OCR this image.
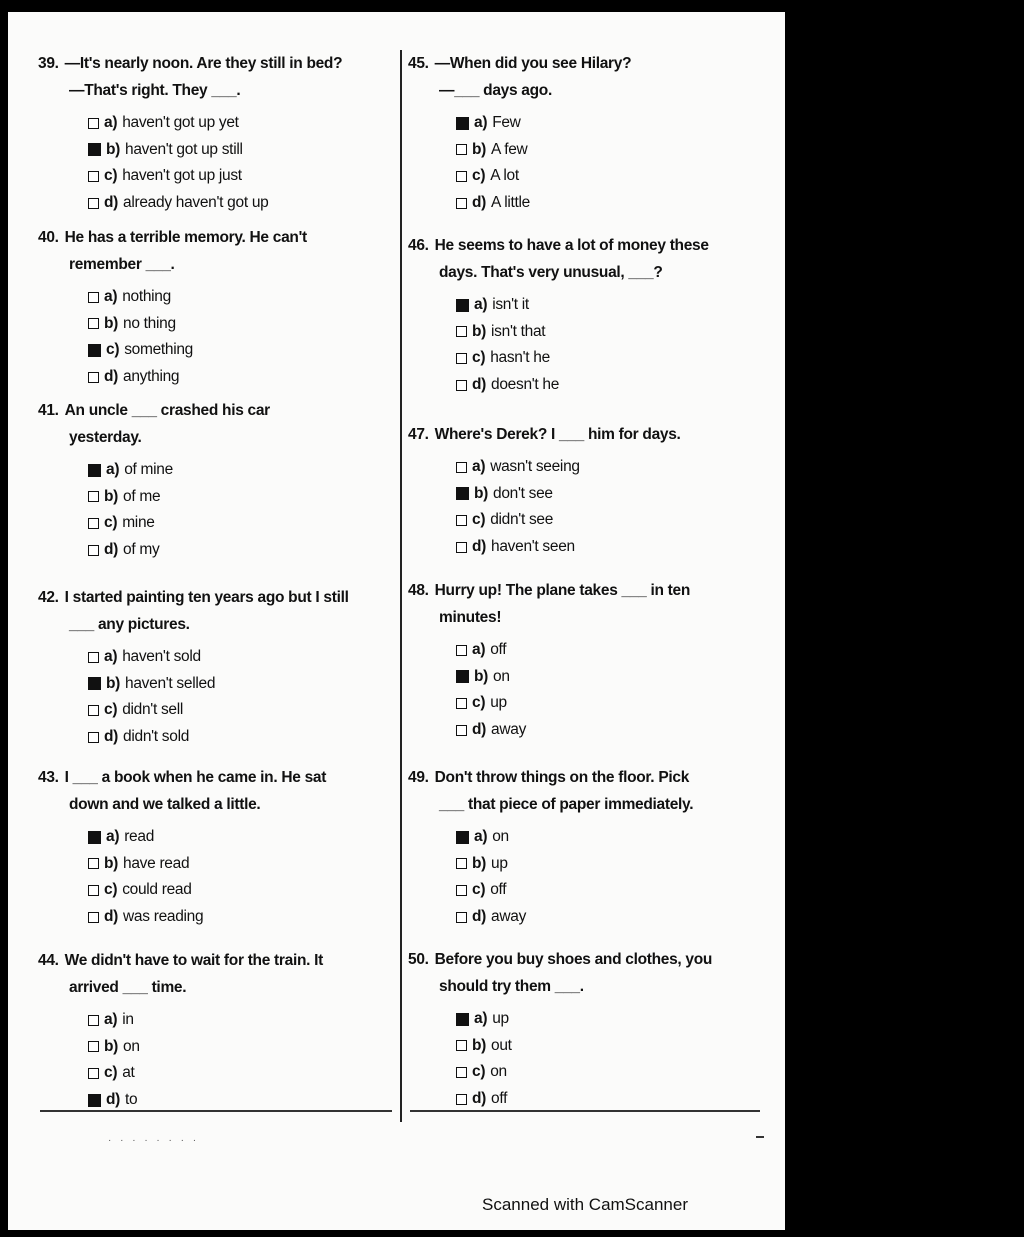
39. —It's nearly noon. Are they still in bed?
—That's right. They ___.
a) haven't got up yet
b) haven't got up still
c) haven't got up just
d) already haven't got up
40. He has a terrible memory. He can't
remember ___.
a) nothing
b) no thing
c) something
d) anything
41. An uncle ___ crashed his car
yesterday.
a) of mine
b) of me
c) mine
d) of my
42. I started painting ten years ago but I still
___ any pictures.
a) haven't sold
b) haven't selled
c) didn't sell
d) didn't sold
43. I ___ a book when he came in. He sat
down and we talked a little.
a) read
b) have read
c) could read
d) was reading
44. We didn't have to wait for the train. It
arrived ___ time.
a) in
b) on
c) at
d) to
45. —When did you see Hilary?
—___ days ago.
a) Few
b) A few
c) A lot
d) A little
46. He seems to have a lot of money these
days. That's very unusual, ___?
a) isn't it
b) isn't that
c) hasn't he
d) doesn't he
47. Where's Derek? I ___ him for days.
a) wasn't seeing
b) don't see
c) didn't see
d) haven't seen
48. Hurry up! The plane takes ___ in ten
minutes!
a) off
b) on
c) up
d) away
49. Don't throw things on the floor. Pick
___ that piece of paper immediately.
a) on
b) up
c) off
d) away
50. Before you buy shoes and clothes, you
should try them ___.
a) up
b) out
c) on
d) off
· · · · · · · ·
Scanned with CamScanner
